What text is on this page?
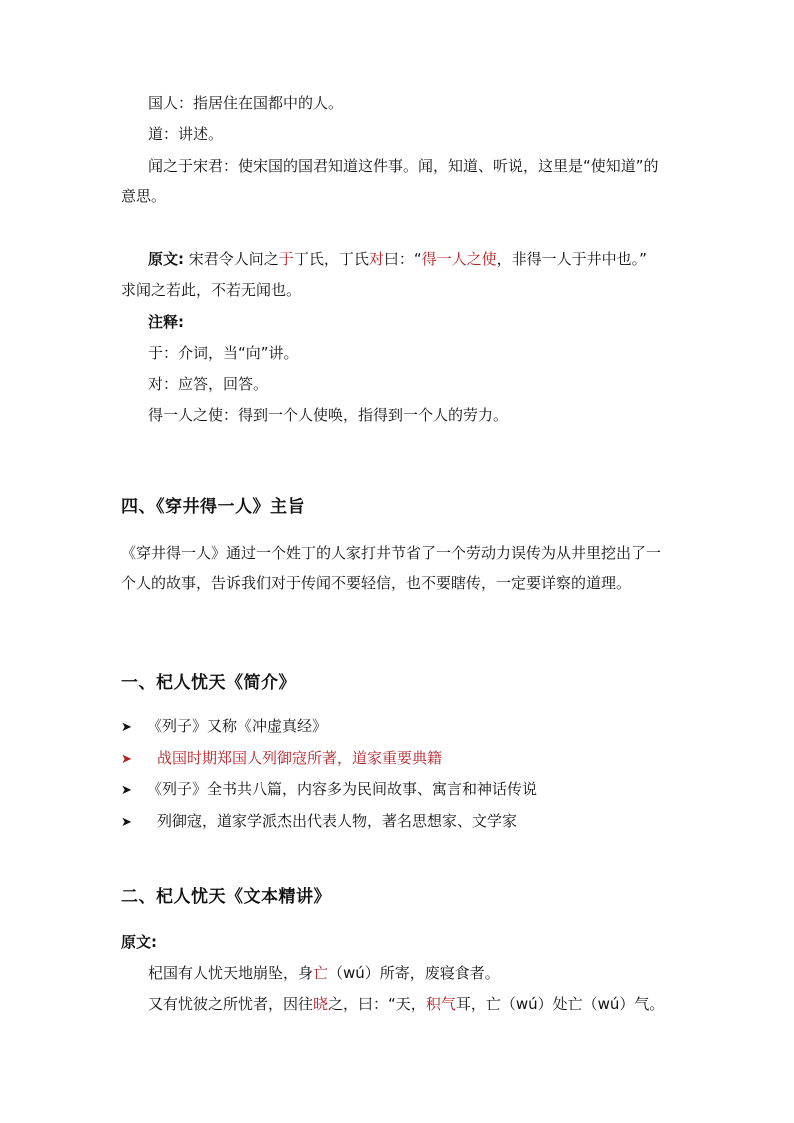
国人：指居住在国都中的人。
道：讲述。
闻之于宋君：使宋国的国君知道这件事。闻，知道、听说，这里是“使知道”的
意思。
原文: 宋君令人问之于丁氏，丁氏对曰：“得一人之使，非得一人于井中也。”
求闻之若此，不若无闻也。
注释:
于：介词，当“向”讲。
对：应答，回答。
得一人之使：得到一个人使唤，指得到一个人的劳力。
四、《穿井得一人》主旨
《穿井得一人》通过一个姓丁的人家打井节省了一个劳动力误传为从井里挖出了一
个人的故事，告诉我们对于传闻不要轻信，也不要瞎传，一定要详察的道理。
一、杞人忧天《简介》
➤ 《列子》又称《冲虚真经》
➤ 战国时期郑国人列御寇所著，道家重要典籍
➤ 《列子》全书共八篇，内容多为民间故事、寓言和神话传说
➤ 列御寇，道家学派杰出代表人物，著名思想家、文学家
二、杞人忧天《文本精讲》
原文:
杞国有人忧天地崩坠，身亡（wú）所寄，废寝食者。
又有忧彼之所忧者，因往晓之，曰：“天，积气耳，亡（wú）处亡（wú）气。
